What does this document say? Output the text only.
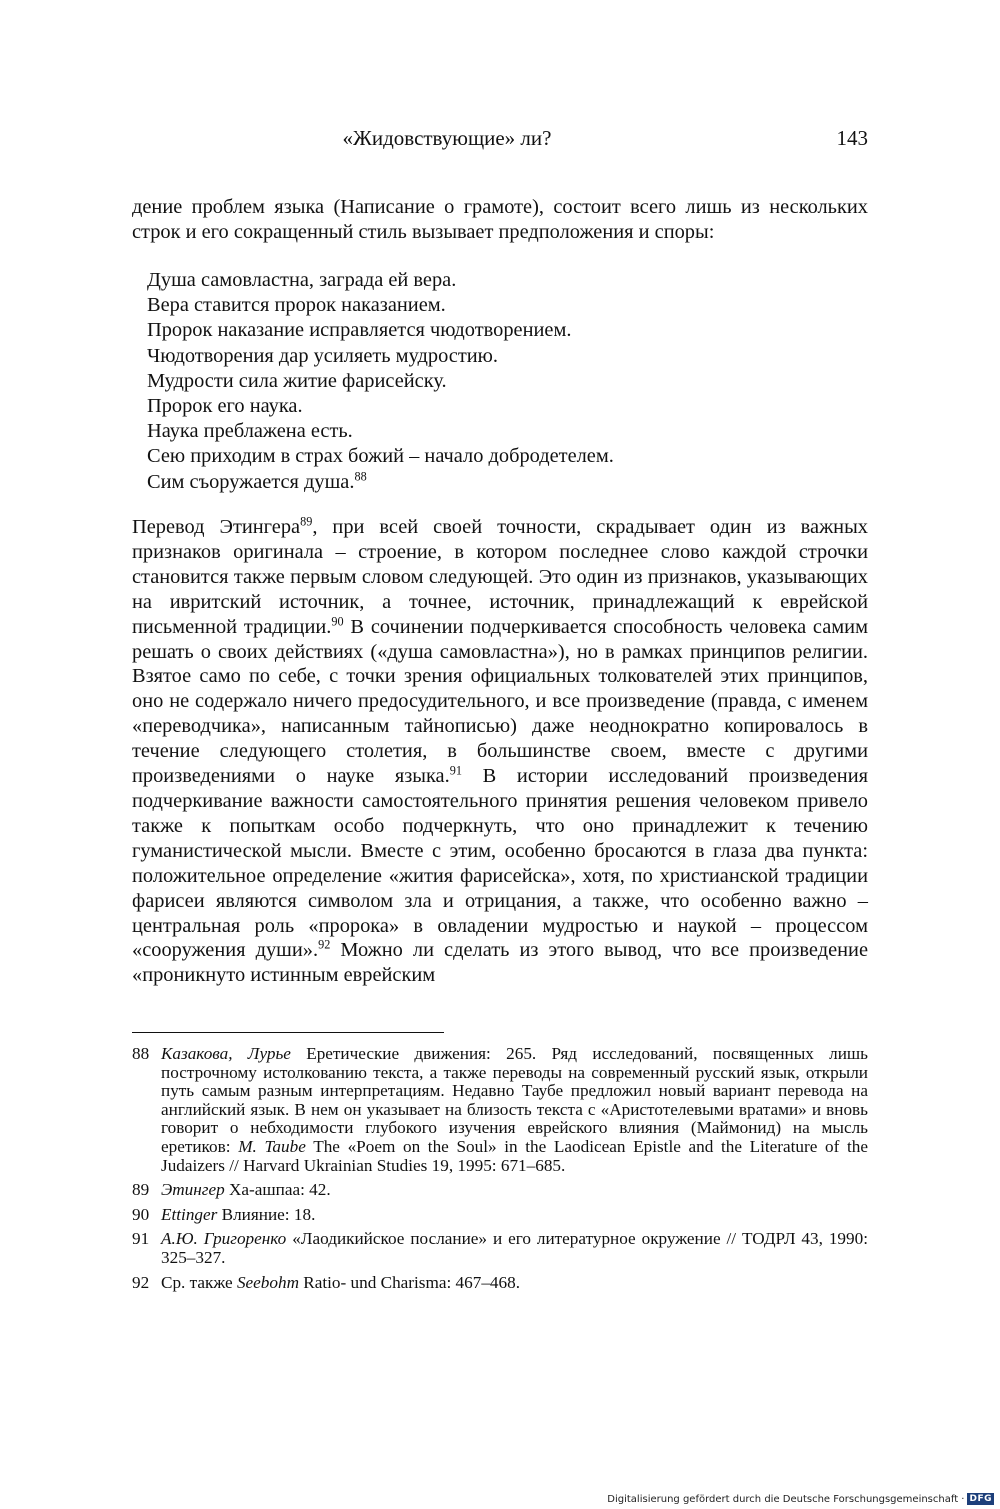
«Жидовствующие» ли?	143

дение проблем языка (Написание о грамоте), состоит всего лишь из нескольких строк и его сокращенный стиль вызывает предположения и споры:

Душа самовластна, заграда ей вера.
Вера ставится пророк наказанием.
Пророк наказание исправляется чюдотворением.
Чюдотворения дар усиляеть мудростию.
Мудрости сила житие фарисейску.
Пророк его наука.
Наука преблажена есть.
Сею приходим в страх божий – начало добродетелем.
Сим съоружается душа.$^{88}$

Перевод Этингера$^{89}$, при всей своей точности, скрадывает один из важных признаков оригинала – строение, в котором последнее слово каждой строчки становится также первым словом следующей. Это один из признаков, указывающих на ивритский источник, а точнее, источник, принадлежащий к еврейской письменной традиции.$^{90}$ В сочинении подчеркивается способность человека самим решать о своих действиях («душа самовластна»), но в рамках принципов религии. Взятое само по себе, с точки зрения официальных толкователей этих принципов, оно не содержало ничего предосудительного, и все произведение (правда, с именем «переводчика», написанным тайнописью) даже неоднократно копировалось в течение следующего столетия, в большинстве своем, вместе с другими произведениями о науке языка.$^{91}$ В истории исследований произведения подчеркивание важности самостоятельного принятия решения человеком привело также к попыткам особо подчеркнуть, что оно принадлежит к течению гуманистической мысли. Вместе с этим, особенно бросаются в глаза два пункта: положительное определение «жития фарисейска», хотя, по христианской традиции фарисеи являются символом зла и отрицания, а также, что особенно важно – центральная роль «пророка» в овладении мудростью и наукой – процессом «сооружения души».$^{92}$ Можно ли сделать из этого вывод, что все произведение «проникнуто истинным еврейским

88 Казакова, Лурье Еретические движения: 265. Ряд исследований, посвященных лишь построчному истолкованию текста, а также переводы на современный русский язык, открыли путь самым разным интерпретациям. Недавно Таубе предложил новый вариант перевода на английский язык. В нем он указывает на близость текста с «Аристотелевыми вратами» и вновь говорит о небходимости глубокого изучения еврейского влияния (Маймонид) на мысль еретиков: M. Taube The «Poem on the Soul» in the Laodicean Epistle and the Literature of the Judaizers // Harvard Ukrainian Studies 19, 1995: 671–685.
89 Этингер Ха-ашпаа: 42.
90 Ettinger Влияние: 18.
91 А.Ю. Григоренко «Лаодикийское послание» и его литературное окружение // ТОДРЛ 43, 1990: 325–327.
92 Ср. также Seebohm Ratio- und Charisma: 467–468.
Digitalisierung gefördert durch die Deutsche Forschungsgemeinschaft · DFG
